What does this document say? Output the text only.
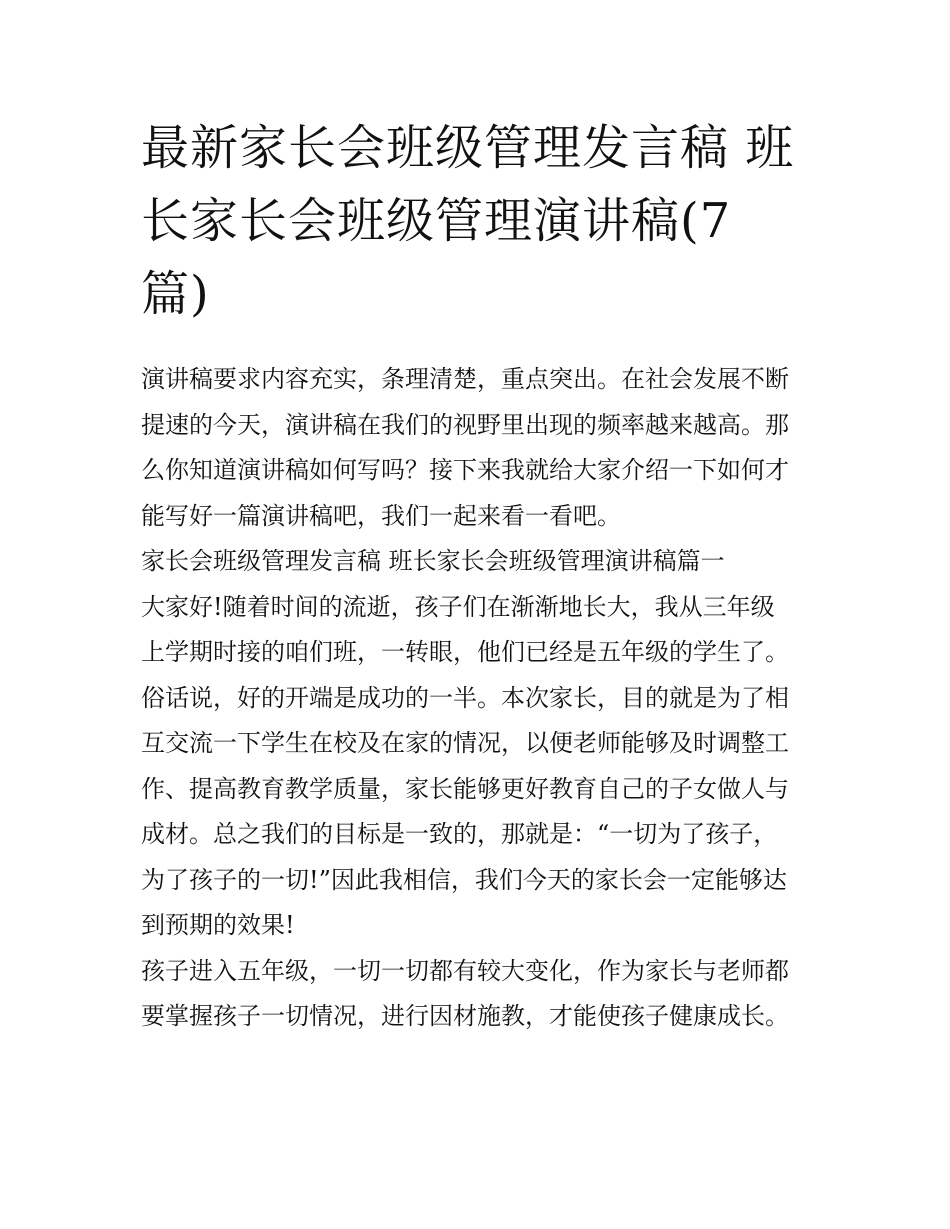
最新家长会班级管理发言稿 班
长家长会班级管理演讲稿(7
篇)
演讲稿要求内容充实，条理清楚，重点突出。在社会发展不断
提速的今天，演讲稿在我们的视野里出现的频率越来越高。那
么你知道演讲稿如何写吗？接下来我就给大家介绍一下如何才
能写好一篇演讲稿吧，我们一起来看一看吧。
家长会班级管理发言稿 班长家长会班级管理演讲稿篇一
大家好!随着时间的流逝，孩子们在渐渐地长大，我从三年级
上学期时接的咱们班，一转眼，他们已经是五年级的学生了。
俗话说，好的开端是成功的一半。本次家长，目的就是为了相
互交流一下学生在校及在家的情况，以便老师能够及时调整工
作、提高教育教学质量，家长能够更好教育自己的子女做人与
成材。总之我们的目标是一致的，那就是：“一切为了孩子，
为了孩子的一切!”因此我相信，我们今天的家长会一定能够达
到预期的效果!
孩子进入五年级，一切一切都有较大变化，作为家长与老师都
要掌握孩子一切情况，进行因材施教，才能使孩子健康成长。
